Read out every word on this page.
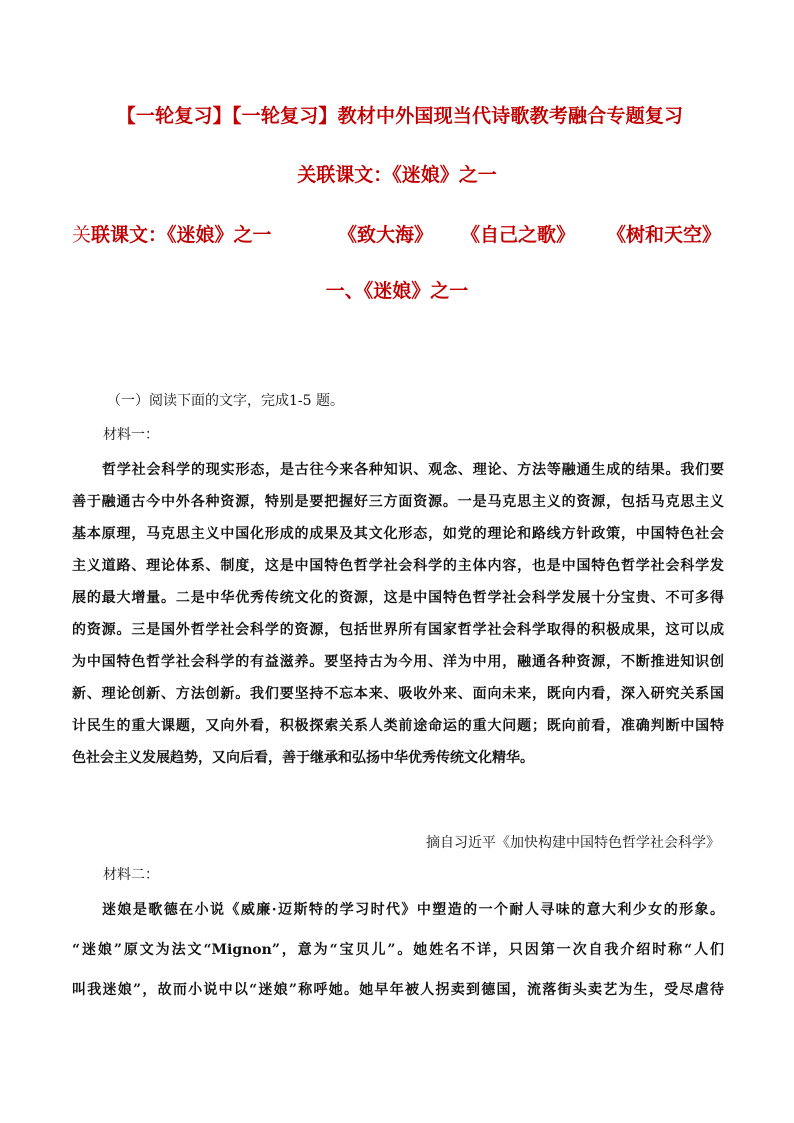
【一轮复习】【一轮复习】教材中外国现当代诗歌教考融合专题复习
关联课文：《迷娘》之一
关 联课文：《迷娘》之一	《致大海》 《自己之歌》 《树和天空》
一、《迷娘》之一
（一）阅读下面的文字，完成1-5 题。
材料一：
哲学社会科学的现实形态，是古往今来各种知识、观念、理论、方法等融通生成的结果。我们要
善于融通古今中外各种资源，特别是要把握好三方面资源。一是马克思主义的资源，包括马克思主义
基本原理，马克思主义中国化形成的成果及其文化形态，如党的理论和路线方针政策，中国特色社会
主义道路、理论体系、制度，这是中国特色哲学社会科学的主体内容，也是中国特色哲学社会科学发
展的最大增量。二是中华优秀传统文化的资源，这是中国特色哲学社会科学发展十分宝贵、不可多得
的资源。三是国外哲学社会科学的资源，包括世界所有国家哲学社会科学取得的积极成果，这可以成
为中国特色哲学社会科学的有益滋养。要坚持古为今用、洋为中用，融通各种资源，不断推进知识创
新、理论创新、方法创新。我们要坚持不忘本来、吸收外来、面向未来，既向内看，深入研究关系国
计民生的重大课题，又向外看，积极探索关系人类前途命运的重大问题；既向前看，准确判断中国特
色社会主义发展趋势，又向后看，善于继承和弘扬中华优秀传统文化精华。
摘自习近平《加快构建中国特色哲学社会科学》
材料二：
迷娘是歌德在小说《威廉·迈斯特的学习时代》中塑造的一个耐人寻味的意大利少女的形象。
“迷娘”原文为法文“Mignon”，意为“宝贝儿”。她姓名不详，只因第一次自我介绍时称“人们
叫我迷娘”，故而小说中以“迷娘”称呼她。她早年被人拐卖到德国，流落街头卖艺为生，受尽虐待
